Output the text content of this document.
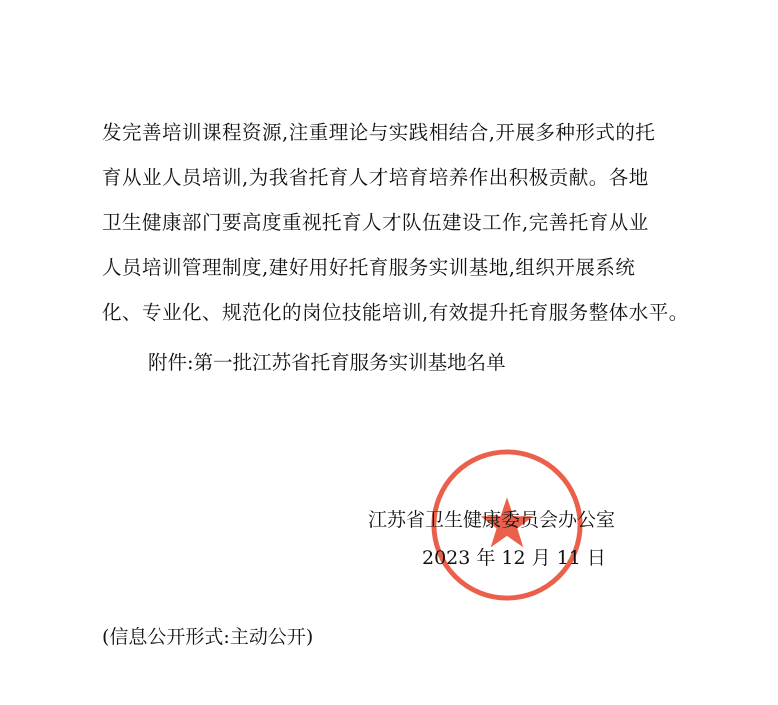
发完善培训课程资源,注重理论与实践相结合,开展多种形式的托
育从业人员培训,为我省托育人才培育培养作出积极贡献。各地
卫生健康部门要高度重视托育人才队伍建设工作,完善托育从业
人员培训管理制度,建好用好托育服务实训基地,组织开展系统
化、专业化、规范化的岗位技能培训,有效提升托育服务整体水平。
附件:第一批江苏省托育服务实训基地名单
江苏省卫生健康委员会办公室
2023 年 12 月 11 日
(信息公开形式:主动公开)
